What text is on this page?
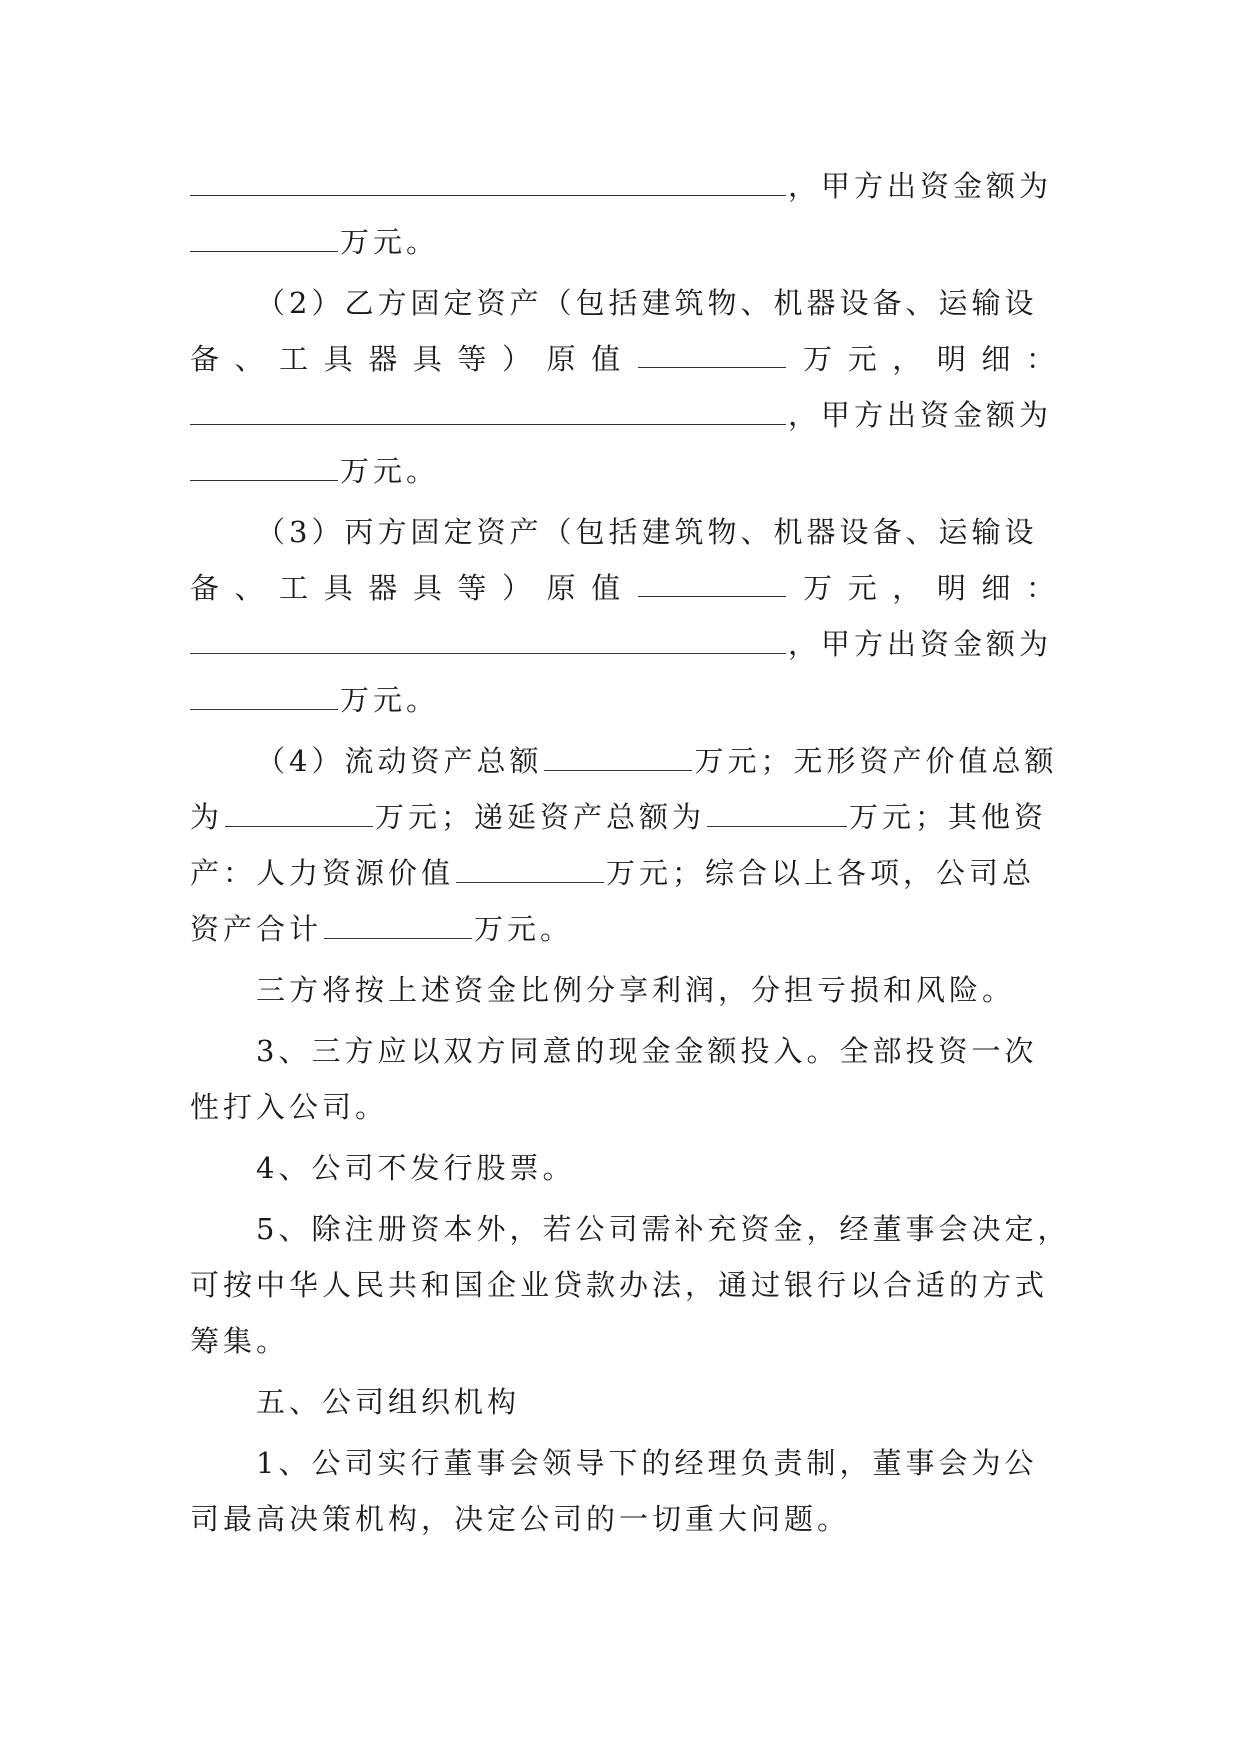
，甲方出资金额为
万元。
（2）乙方固定资产（包括建筑物、机器设备、运输设
备 、 工 具 器 具 等 ） 原 值	万 元 ， 明 细 ：
，甲方出资金额为
万元。
（3）丙方固定资产（包括建筑物、机器设备、运输设
备 、 工 具 器 具 等 ） 原 值	万 元 ， 明 细 ：
，甲方出资金额为
万元。
（4）流动资产总额	万元；无形资产价值总额
为	万元；递延资产总额为	万元；其他资
产：人力资源价值	万元；综合以上各项，公司总
资产合计	万元。
三方将按上述资金比例分享利润，分担亏损和风险。
3、三方应以双方同意的现金金额投入。全部投资一次
性打入公司。
4、公司不发行股票。
5、除注册资本外，若公司需补充资金，经董事会决定，
可按中华人民共和国企业贷款办法，通过银行以合适的方式
筹集。
五、公司组织机构
1、公司实行董事会领导下的经理负责制，董事会为公
司最高决策机构，决定公司的一切重大问题。
